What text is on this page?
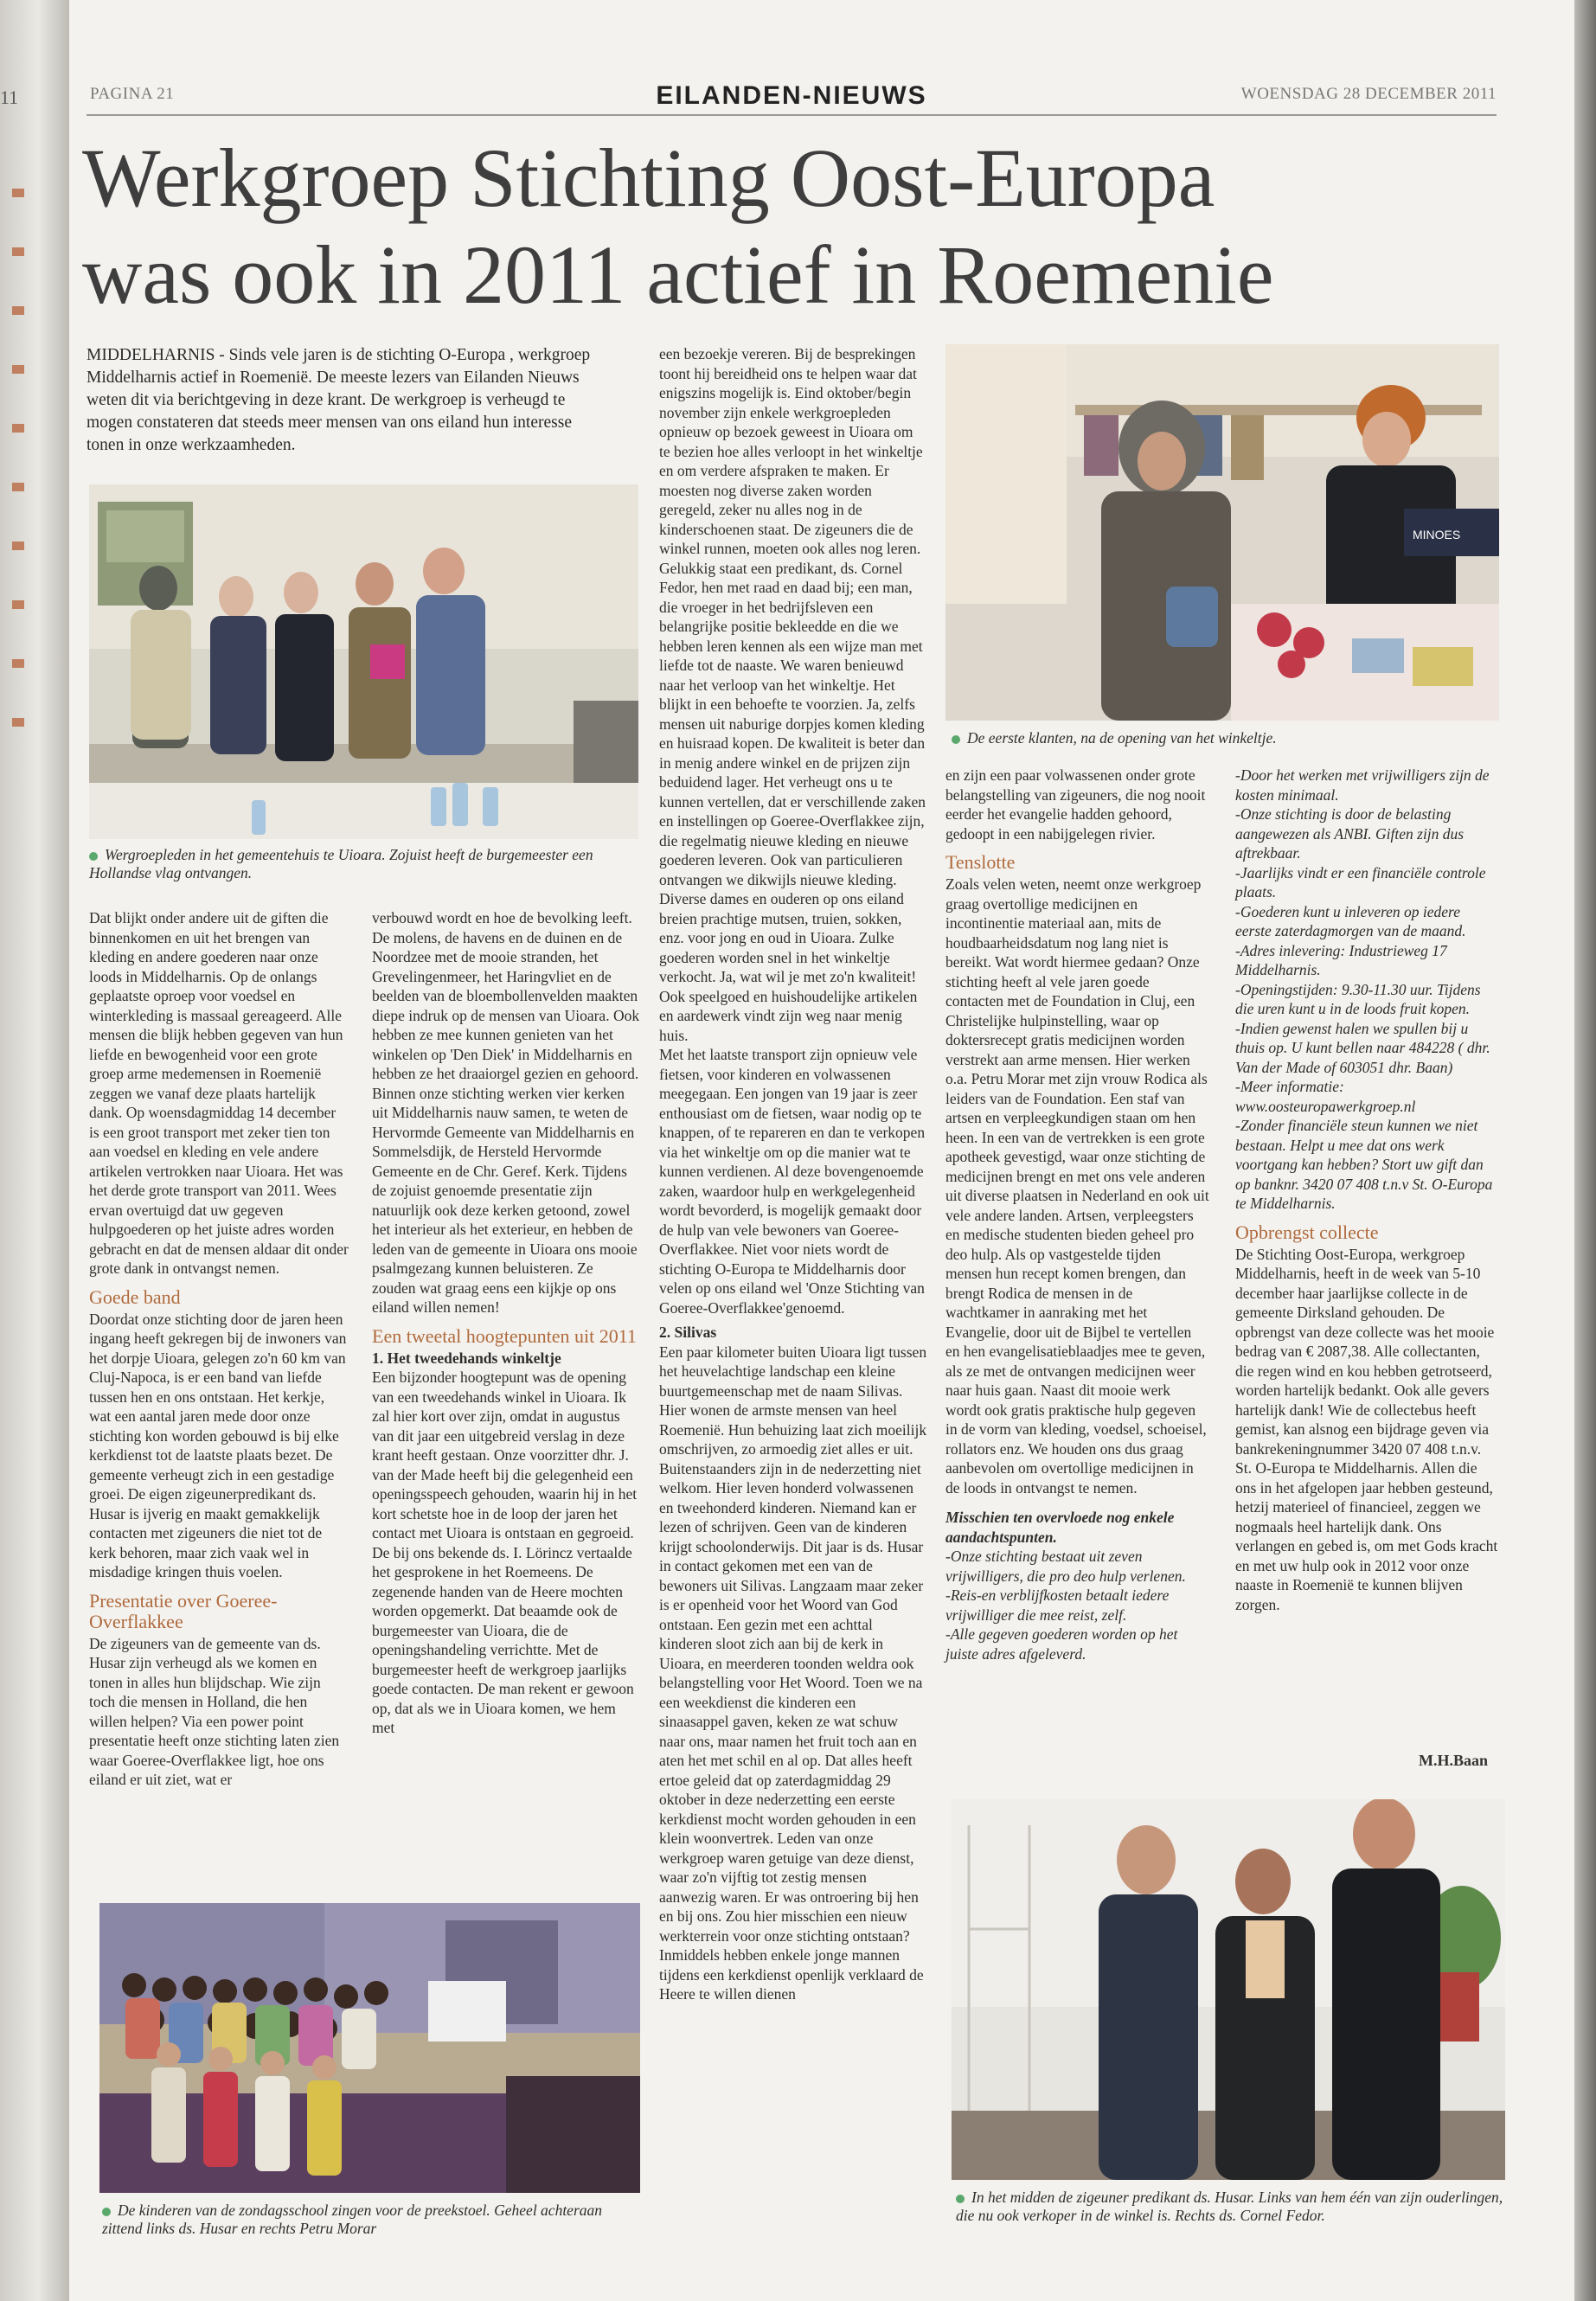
11	PAGINA 21	EILANDEN-NIEUWS	WOENSDAG 28 DECEMBER 2011
Werkgroep Stichting Oost-Europa
was ook in 2011 actief in Roemenie
MIDDELHARNIS - Sinds vele jaren is de stichting O-Europa , werkgroep Middelharnis actief in Roemenië. De meeste lezers van Eilanden Nieuws weten dit via berichtgeving in deze krant. De werkgroep is verheugd te mogen constateren dat steeds meer mensen van ons eiland hun interesse tonen in onze werkzaamheden.
Wergroepleden in het gemeentehuis te Uioara. Zojuist heeft de burgemeester een Hollandse vlag ontvangen.
MINOES
De eerste klanten, na de opening van het winkeltje.

Dat blijkt onder andere uit de giften die binnenkomen en uit het brengen van kleding en andere goederen naar onze loods in Middelharnis. Op de onlangs geplaatste oproep voor voedsel en winterkleding is massaal gereageerd. Alle mensen die blijk hebben gegeven van hun liefde en bewogenheid voor een grote groep arme medemensen in Roemenië zeggen we vanaf deze plaats hartelijk dank. Op woensdagmiddag 14 december is een groot transport met zeker tien ton aan voedsel en kleding en vele andere artikelen vertrokken naar Uioara. Het was het derde grote transport van 2011. Wees ervan overtuigd dat uw gegeven hulpgoederen op het juiste adres worden gebracht en dat de mensen aldaar dit onder grote dank in ontvangst nemen.

Goede band

Doordat onze stichting door de jaren heen ingang heeft gekregen bij de inwoners van het dorpje Uioara, gelegen zo'n 60 km van Cluj-Napoca, is er een band van liefde tussen hen en ons ontstaan. Het kerkje, wat een aantal jaren mede door onze stichting kon worden gebouwd is bij elke kerkdienst tot de laatste plaats bezet. De gemeente verheugt zich in een gestadige groei. De eigen zigeunerpredikant ds. Husar is ijverig en maakt gemakkelijk contacten met zigeuners die niet tot de kerk behoren, maar zich vaak wel in misdadige kringen thuis voelen.

Presentatie over Goeree-Overflakkee

De zigeuners van de gemeente van ds. Husar zijn verheugd als we komen en tonen in alles hun blijdschap. Wie zijn toch die mensen in Holland, die hen willen helpen? Via een power point presentatie heeft onze stichting laten zien waar Goeree-Overflakkee ligt, hoe ons eiland er uit ziet, wat er

verbouwd wordt en hoe de bevolking leeft. De molens, de havens en de duinen en de Noordzee met de mooie stranden, het Grevelingenmeer, het Haringvliet en de beelden van de bloembollenvelden maakten diepe indruk op de mensen van Uioara. Ook hebben ze mee kunnen genieten van het winkelen op 'Den Diek' in Middelharnis en hebben ze het draaiorgel gezien en gehoord. Binnen onze stichting werken vier kerken uit Middelharnis nauw samen, te weten de Hervormde Gemeente van Middelharnis en Sommelsdijk, de Hersteld Hervormde Gemeente en de Chr. Geref. Kerk. Tijdens de zojuist genoemde presentatie zijn natuurlijk ook deze kerken getoond, zowel het interieur als het exterieur, en hebben de leden van de gemeente in Uioara ons mooie psalmgezang kunnen beluisteren. Ze zouden wat graag eens een kijkje op ons eiland willen nemen!

Een tweetal hoogtepunten uit 2011
1. Het tweedehands winkeltje

Een bijzonder hoogtepunt was de opening van een tweedehands winkel in Uioara. Ik zal hier kort over zijn, omdat in augustus van dit jaar een uitgebreid verslag in deze krant heeft gestaan. Onze voorzitter dhr. J. van der Made heeft bij die gelegenheid een openingsspeech gehouden, waarin hij in het kort schetste hoe in de loop der jaren het contact met Uioara is ontstaan en gegroeid. De bij ons bekende ds. I. Lörincz vertaalde het gesprokene in het Roemeens. De zegenende handen van de Heere mochten worden opgemerkt. Dat beaamde ook de burgemeester van Uioara, die de openingshandeling verrichtte. Met de burgemeester heeft de werkgroep jaarlijks goede contacten. De man rekent er gewoon op, dat als we in Uioara komen, we hem met

een bezoekje vereren. Bij de besprekingen toont hij bereidheid ons te helpen waar dat enigszins mogelijk is. Eind oktober/begin november zijn enkele werkgroepleden opnieuw op bezoek geweest in Uioara om te bezien hoe alles verloopt in het winkeltje en om verdere afspraken te maken. Er moesten nog diverse zaken worden geregeld, zeker nu alles nog in de kinderschoenen staat. De zigeuners die de winkel runnen, moeten ook alles nog leren. Gelukkig staat een predikant, ds. Cornel Fedor, hen met raad en daad bij; een man, die vroeger in het bedrijfsleven een belangrijke positie bekleedde en die we hebben leren kennen als een wijze man met liefde tot de naaste. We waren benieuwd naar het verloop van het winkeltje. Het blijkt in een behoefte te voorzien. Ja, zelfs mensen uit naburige dorpjes komen kleding en huisraad kopen. De kwaliteit is beter dan in menig andere winkel en de prijzen zijn beduidend lager. Het verheugt ons u te kunnen vertellen, dat er verschillende zaken en instellingen op Goeree-Overflakkee zijn, die regelmatig nieuwe kleding en nieuwe goederen leveren. Ook van particulieren ontvangen we dikwijls nieuwe kleding. Diverse dames en ouderen op ons eiland breien prachtige mutsen, truien, sokken, enz. voor jong en oud in Uioara. Zulke goederen worden snel in het winkeltje verkocht. Ja, wat wil je met zo'n kwaliteit! Ook speelgoed en huishoudelijke artikelen en aardewerk vindt zijn weg naar menig huis.

Met het laatste transport zijn opnieuw vele fietsen, voor kinderen en volwassenen meegegaan. Een jongen van 19 jaar is zeer enthousiast om de fietsen, waar nodig op te knappen, of te repareren en dan te verkopen via het winkeltje om op die manier wat te kunnen verdienen. Al deze bovengenoemde zaken, waardoor hulp en werkgelegenheid wordt bevorderd, is mogelijk gemaakt door de hulp van vele bewoners van Goeree-Overflakkee. Niet voor niets wordt de stichting O-Europa te Middelharnis door velen op ons eiland wel 'Onze Stichting van Goeree-Overflakkee'genoemd.

2. Silivas

Een paar kilometer buiten Uioara ligt tussen het heuvelachtige landschap een kleine buurtgemeenschap met de naam Silivas. Hier wonen de armste mensen van heel Roemenië. Hun behuizing laat zich moeilijk omschrijven, zo armoedig ziet alles er uit. Buitenstaanders zijn in de nederzetting niet welkom. Hier leven honderd volwassenen en tweehonderd kinderen. Niemand kan er lezen of schrijven. Geen van de kinderen krijgt schoolonderwijs. Dit jaar is ds. Husar in contact gekomen met een van de bewoners uit Silivas. Langzaam maar zeker is er openheid voor het Woord van God ontstaan. Een gezin met een achttal kinderen sloot zich aan bij de kerk in Uioara, en meerderen toonden weldra ook belangstelling voor Het Woord. Toen we na een weekdienst die kinderen een sinaasappel gaven, keken ze wat schuw naar ons, maar namen het fruit toch aan en aten het met schil en al op. Dat alles heeft ertoe geleid dat op zaterdagmiddag 29 oktober in deze nederzetting een eerste kerkdienst mocht worden gehouden in een klein woonvertrek. Leden van onze werkgroep waren getuige van deze dienst, waar zo'n vijftig tot zestig mensen aanwezig waren. Er was ontroering bij hen en bij ons. Zou hier misschien een nieuw werkterrein voor onze stichting ontstaan? Inmiddels hebben enkele jonge mannen tijdens een kerkdienst openlijk verklaard de Heere te willen dienen

en zijn een paar volwassenen onder grote belangstelling van zigeuners, die nog nooit eerder het evangelie hadden gehoord, gedoopt in een nabijgelegen rivier.

Tenslotte

Zoals velen weten, neemt onze werkgroep graag overtollige medicijnen en incontinentie materiaal aan, mits de houdbaarheidsdatum nog lang niet is bereikt. Wat wordt hiermee gedaan? Onze stichting heeft al vele jaren goede contacten met de Foundation in Cluj, een Christelijke hulpinstelling, waar op doktersrecept gratis medicijnen worden verstrekt aan arme mensen. Hier werken o.a. Petru Morar met zijn vrouw Rodica als leiders van de Foundation. Een staf van artsen en verpleegkundigen staan om hen heen. In een van de vertrekken is een grote apotheek gevestigd, waar onze stichting de medicijnen brengt en met ons vele anderen uit diverse plaatsen in Nederland en ook uit vele andere landen. Artsen, verpleegsters en medische studenten bieden geheel pro deo hulp. Als op vastgestelde tijden mensen hun recept komen brengen, dan brengt Rodica de mensen in de wachtkamer in aanraking met het Evangelie, door uit de Bijbel te vertellen en hen evangelisatieblaadjes mee te geven, als ze met de ontvangen medicijnen weer naar huis gaan. Naast dit mooie werk wordt ook gratis praktische hulp gegeven in de vorm van kleding, voedsel, schoeisel, rollators enz. We houden ons dus graag aanbevolen om overtollige medicijnen in de loods in ontvangst te nemen.

Misschien ten overvloede nog enkele aandachtspunten.

-Onze stichting bestaat uit zeven vrijwilligers, die pro deo hulp verlenen.

-Reis-en verblijfkosten betaalt iedere vrijwilliger die mee reist, zelf.

-Alle gegeven goederen worden op het juiste adres afgeleverd.

-Door het werken met vrijwilligers zijn de kosten minimaal.

-Onze stichting is door de belasting aangewezen als ANBI. Giften zijn dus aftrekbaar.

-Jaarlijks vindt er een financiële controle plaats.

-Goederen kunt u inleveren op iedere eerste zaterdagmorgen van de maand.

-Adres inlevering: Industrieweg 17 Middelharnis.

-Openingstijden: 9.30-11.30 uur. Tijdens die uren kunt u in de loods fruit kopen.

-Indien gewenst halen we spullen bij u thuis op. U kunt bellen naar 484228 ( dhr. Van der Made of 603051 dhr. Baan)

-Meer informatie: www.oosteuropawerkgroep.nl

-Zonder financiële steun kunnen we niet bestaan. Helpt u mee dat ons werk voortgang kan hebben? Stort uw gift dan op banknr. 3420 07 408 t.n.v St. O-Europa te Middelharnis.

Opbrengst collecte

De Stichting Oost-Europa, werkgroep Middelharnis, heeft in de week van 5-10 december haar jaarlijkse collecte in de gemeente Dirksland gehouden. De opbrengst van deze collecte was het mooie bedrag van € 2087,38. Alle collectanten, die regen wind en kou hebben getrotseerd, worden hartelijk bedankt. Ook alle gevers hartelijk dank! Wie de collectebus heeft gemist, kan alsnog een bijdrage geven via bankrekeningnummer 3420 07 408 t.n.v. St. O-Europa te Middelharnis. Allen die ons in het afgelopen jaar hebben gesteund, hetzij materieel of financieel, zeggen we nogmaals heel hartelijk dank. Ons verlangen en gebed is, om met Gods kracht en met uw hulp ook in 2012 voor onze naaste in Roemenië te kunnen blijven zorgen.

M.H.Baan
De kinderen van de zondagsschool zingen voor de preekstoel. Geheel achteraan zittend links ds. Husar en rechts Petru Morar
In het midden de zigeuner predikant ds. Husar. Links van hem één van zijn ouderlingen, die nu ook verkoper in de winkel is. Rechts ds. Cornel Fedor.
